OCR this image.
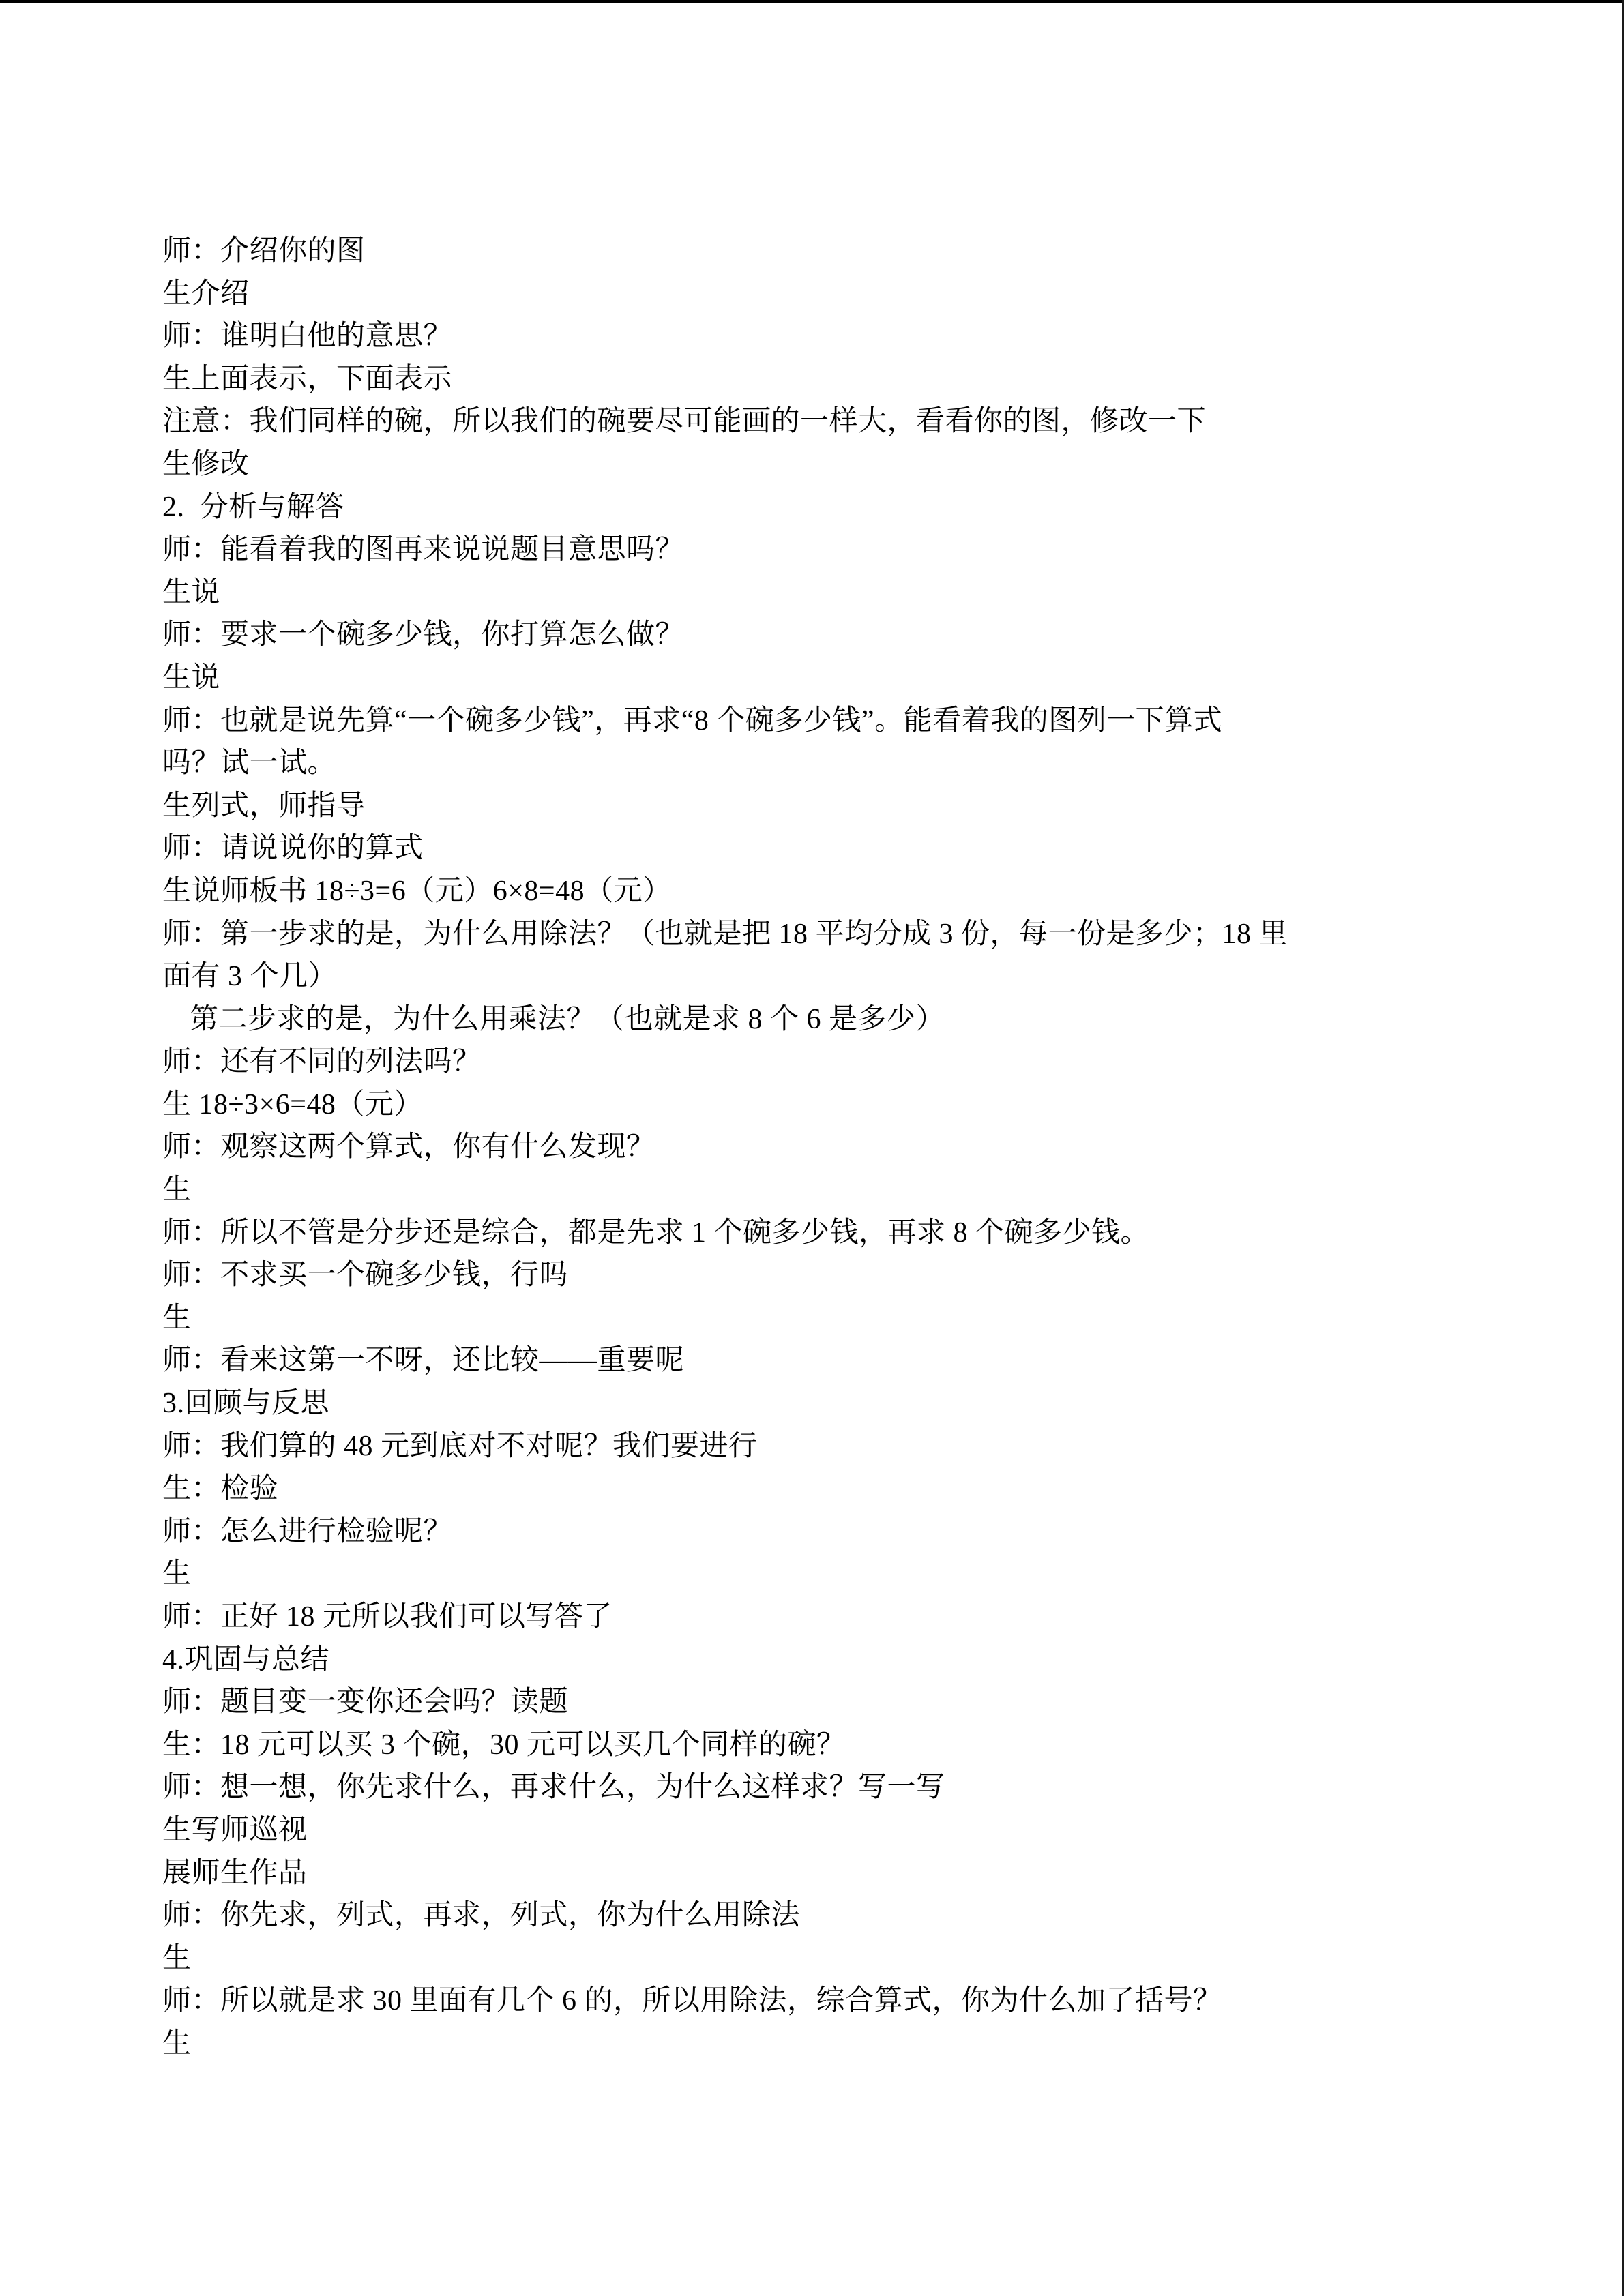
师：介绍你的图
生介绍
师：谁明白他的意思？
生上面表示，下面表示
注意：我们同样的碗，所以我们的碗要尽可能画的一样大，看看你的图，修改一下
生修改
2.  分析与解答
师：能看着我的图再来说说题目意思吗？
生说
师：要求一个碗多少钱，你打算怎么做？
生说
师：也就是说先算“一个碗多少钱”，再求“8 个碗多少钱”。能看着我的图列一下算式
吗？试一试。
生列式，师指导
师：请说说你的算式
生说师板书 18÷3=6（元）6×8=48（元）
师：第一步求的是，为什么用除法？（也就是把 18 平均分成 3 份，每一份是多少；18 里
面有 3 个几）
第二步求的是，为什么用乘法？（也就是求 8 个 6 是多少）
师：还有不同的列法吗？
生 18÷3×6=48（元）
师：观察这两个算式，你有什么发现？
生
师：所以不管是分步还是综合，都是先求 1 个碗多少钱，再求 8 个碗多少钱。
师：不求买一个碗多少钱，行吗
生
师：看来这第一不呀，还比较——重要呢
3.回顾与反思
师：我们算的 48 元到底对不对呢？我们要进行
生：检验
师：怎么进行检验呢？
生
师：正好 18 元所以我们可以写答了
4.巩固与总结
师：题目变一变你还会吗？读题
生：18 元可以买 3 个碗，30 元可以买几个同样的碗？
师：想一想，你先求什么，再求什么，为什么这样求？写一写
生写师巡视
展师生作品
师：你先求，列式，再求，列式，你为什么用除法
生
师：所以就是求 30 里面有几个 6 的，所以用除法，综合算式，你为什么加了括号？
生
